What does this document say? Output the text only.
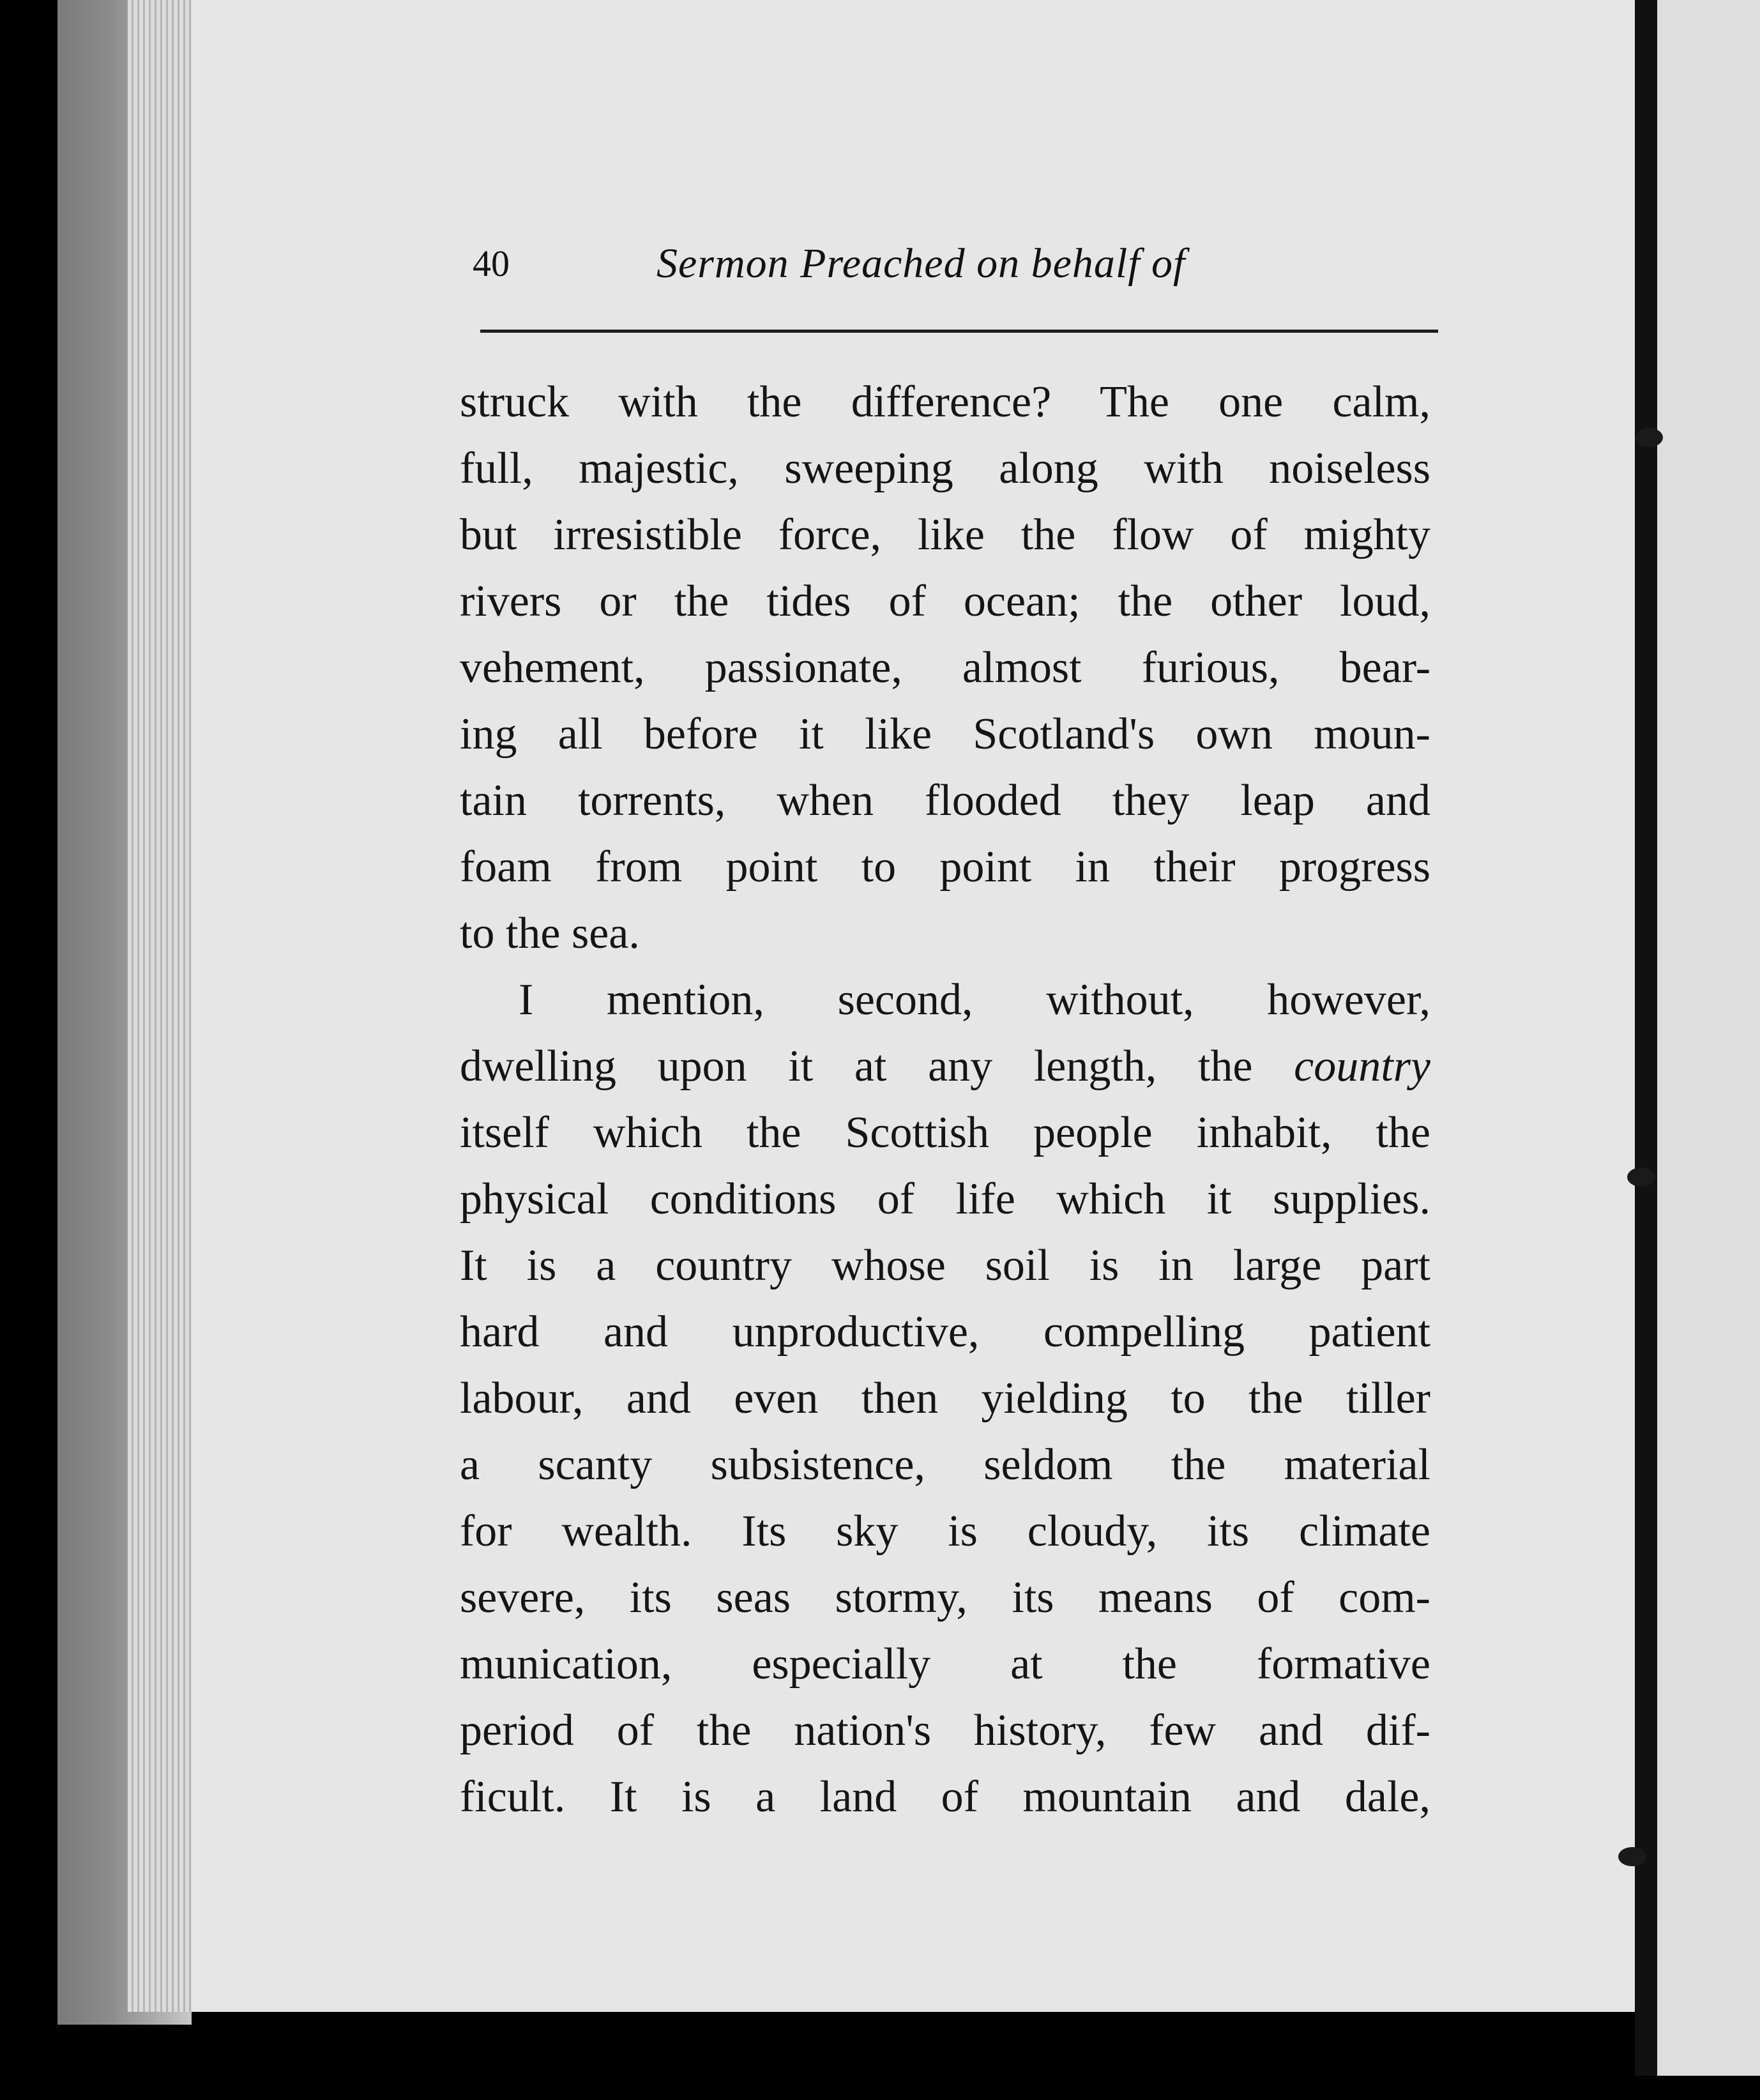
40	Sermon Preached on behalf of
struck with the difference? The one calm,
full, majestic, sweeping along with noiseless
but irresistible force, like the flow of mighty
rivers or the tides of ocean; the other loud,
vehement, passionate, almost furious, bear-
ing all before it like Scotland's own moun-
tain torrents, when flooded they leap and
foam from point to point in their progress
to the sea.
I mention, second, without, however,
dwelling upon it at any length, the country
itself which the Scottish people inhabit, the
physical conditions of life which it supplies.
It is a country whose soil is in large part
hard and unproductive, compelling patient
labour, and even then yielding to the tiller
a scanty subsistence, seldom the material
for wealth. Its sky is cloudy, its climate
severe, its seas stormy, its means of com-
munication, especially at the formative
period of the nation's history, few and dif-
ficult. It is a land of mountain and dale,
